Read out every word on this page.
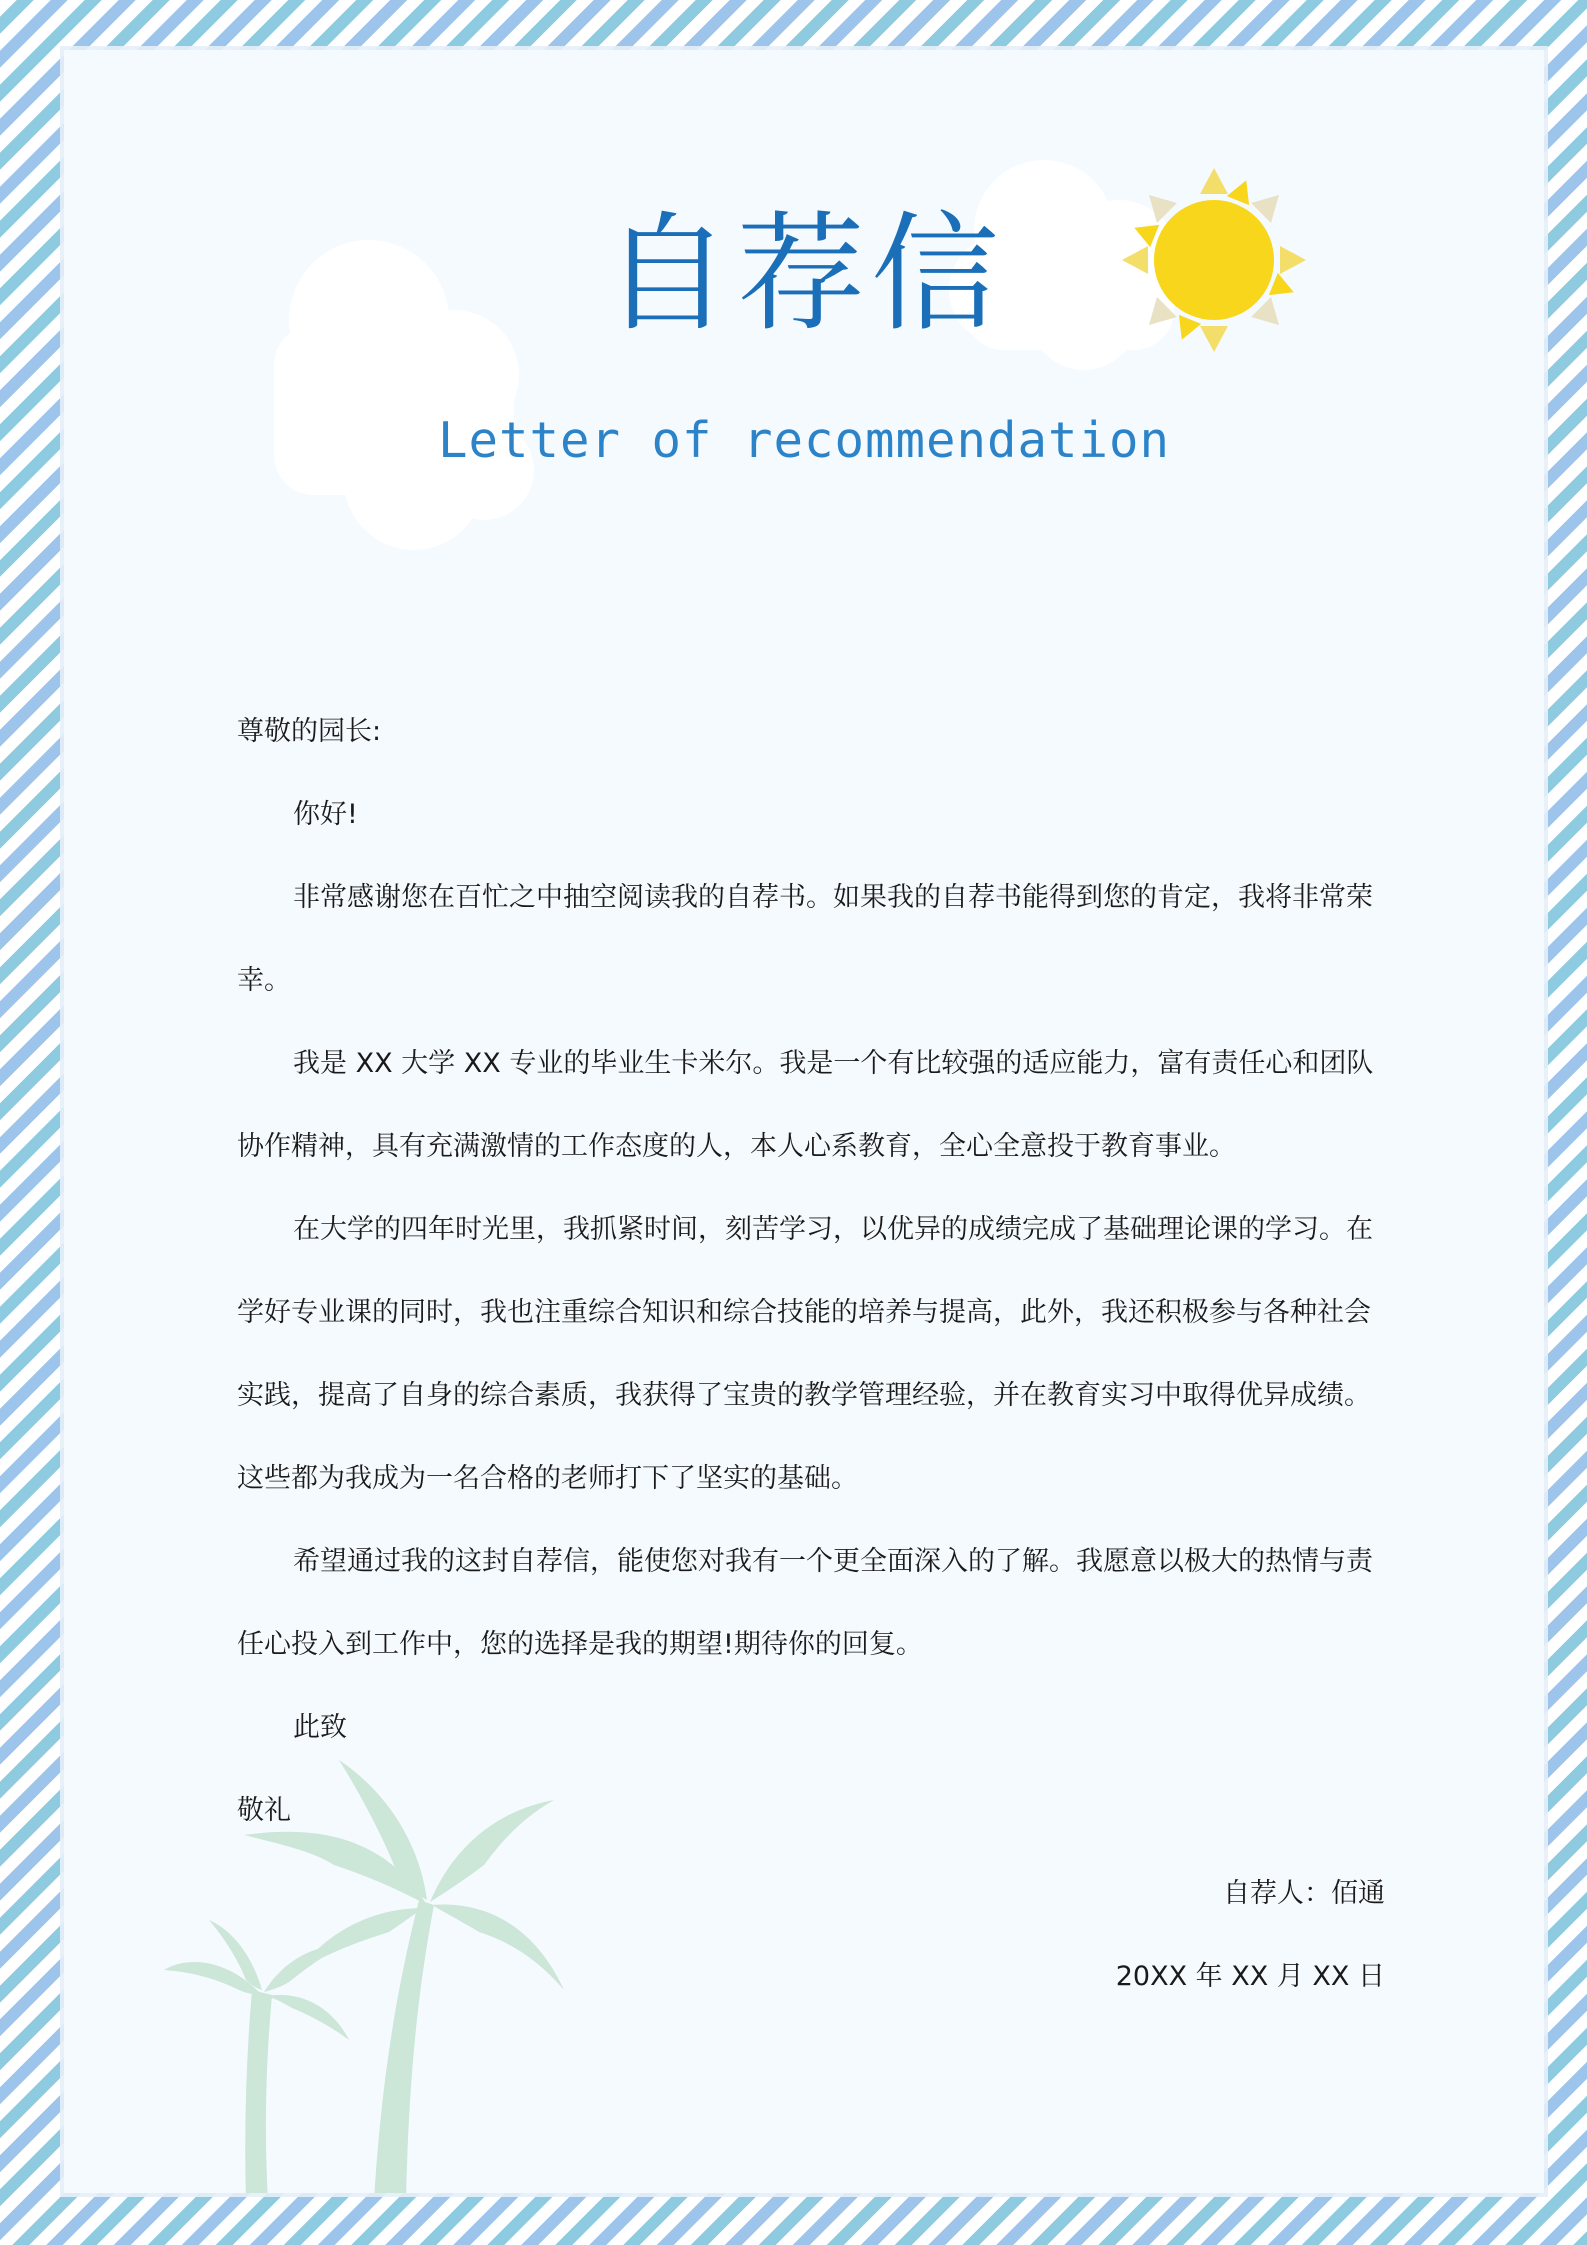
自荐信
Letter of recommendation

尊敬的园长:

你好!

非常感谢您在百忙之中抽空阅读我的自荐书。如果我的自荐书能得到您的肯定，我将非常荣幸。

我是 XX 大学 XX 专业的毕业生卡米尔。我是一个有比较强的适应能力，富有责任心和团队协作精神，具有充满激情的工作态度的人，本人心系教育，全心全意投于教育事业。

在大学的四年时光里，我抓紧时间，刻苦学习，以优异的成绩完成了基础理论课的学习。在学好专业课的同时，我也注重综合知识和综合技能的培养与提高，此外，我还积极参与各种社会实践，提高了自身的综合素质，我获得了宝贵的教学管理经验，并在教育实习中取得优异成绩。这些都为我成为一名合格的老师打下了坚实的基础。

希望通过我的这封自荐信，能使您对我有一个更全面深入的了解。我愿意以极大的热情与责任心投入到工作中，您的选择是我的期望!期待你的回复。

此致

敬礼

自荐人：佰通

20XX 年 XX 月 XX 日
